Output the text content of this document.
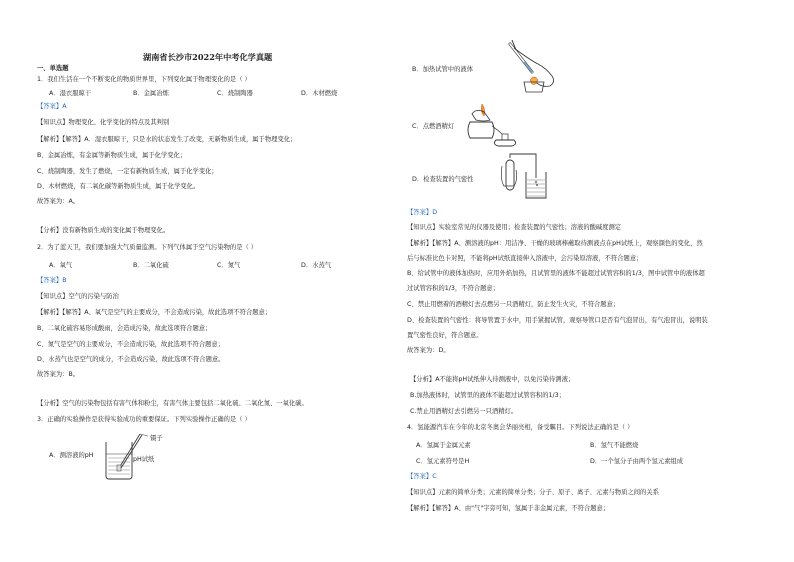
湖南省长沙市2022年中考化学真题
一、单选题
1．我们生活在一个不断变化的物质世界里，下列变化属于物理变化的是（ ）
A．湿衣服晾干	B．金属冶炼	C．烧制陶器	D．木材燃烧
【答案】A
【知识点】物理变化、化学变化的特点及其判别
【解析】【解答】A．湿衣服晾干，只是水的状态发生了改变，无新物质生成，属于物理变化；
B、金属冶炼，有金属等新物质生成，属于化学变化；
C、烧制陶器，发生了燃烧，一定有新物质生成，属于化学变化；
D、木材燃烧，有二氧化碳等新物质生成，属于化学变化。
故答案为：A。
【分析】没有新物质生成的变化属于物理变化。
2．为了蓝天卫，我们要加强大气质量监测。下列气体属于空气污染物的是（ ）
A．氧气	B．二氧化硫	C．氮气	D．水蒸气
【答案】B
【知识点】空气的污染与防治
【解析】【解答】A、氧气是空气的主要成分，不会造成污染，故此选项不符合题意；
B、二氧化硫容易形成酸雨，会造成污染，故此选项符合题意；
C、氮气是空气的主要成分，不会造成污染，故此选项不符合题意；
D、水蒸气也是空气的成分，不会造成污染，故此选项不符合题意。
故答案为：B。
【分析】空气的污染物包括有害气体和粉尘，有害气体主要包括二氧化硫、二氧化氮、一氧化碳。
3．正确的实验操作是获得实验成功的重要保证。下列实验操作正确的是（ ）
A．测溶液的pH
镊子
pH试纸
B．加热试管中的液体
C．点燃酒精灯
D．检查装置的气密性
【答案】D
【知识点】实验室常见的仪器及使用；检查装置的气密性；溶液的酸碱度测定
【解析】【解答】A、测溶液的pH：用洁净、干燥的玻璃棒蘸取待测液点在pH试纸上，观察颜色的变化，然
后与标准比色卡对照，不能将pH试纸直接伸入溶液中，会污染原溶液，不符合题意；
B、给试管中的液体加热时，应用外焰加热，且试管里的液体不能超过试管容积的1/3，图中试管中的液体超
过试管容积的1/3，不符合题意；
C、禁止用燃着的酒精灯去点燃另一只酒精灯，防止发生火灾，不符合题意；
D、检查装置的气密性：将导管置于水中，用手紧握试管，观察导管口是否有气泡冒出，有气泡冒出，说明装
置气密性良好，符合题意。
故答案为：D。
【分析】A不能将pH试纸伸入待测液中，以免污染待测液；
B.加热液体时，试管里的液体不能超过试管容积的1/3；
C.禁止用酒精灯去引燃另一只酒精灯。
4．氢能源汽车在今年的北京冬奥会华丽亮相，备受瞩目。下列说法正确的是（ ）
A．氢属于金属元素	B．氢气不能燃烧
C．氢元素符号是H	D．一个氢分子由两个氢元素组成
【答案】C
【知识点】元素的简单分类；元素的简单分类；分子、原子、离子、元素与物质之间的关系
【解析】【解答】A、由"气"字旁可知，氢属于非金属元素，不符合题意；
